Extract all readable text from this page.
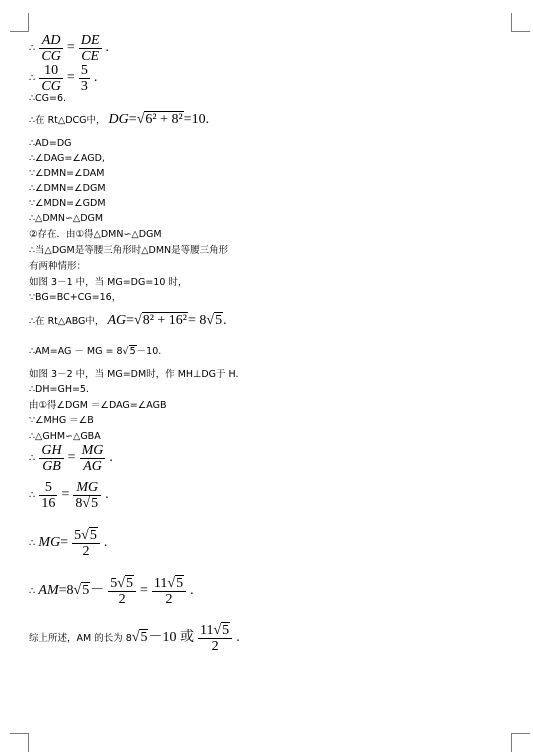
∴ $\frac{AD}{CG} = \frac{DE}{CE}$ .
∴ $\frac{10}{CG} = \frac{5}{3}$ .
∴CG=6.
∴在 Rt△DCG中， DG=√6² + 8²=10.
∴AD=DG
∴∠DAG=∠AGD,
∵∠DMN=∠DAM
∴∠DMN=∠DGM
∵∠MDN=∠GDM
∴△DMN∽△DGM
②存在．由①得△DMN∽△DGM
∴当△DGM是等腰三角形时△DMN是等腰三角形
有两种情形：
如图 3－1 中，当 MG=DG=10 时，
∵BG=BC+CG=16，
∴在 Rt△ABG中， AG=√8² + 16²= 8√5.
∴AM=AG － MG = 8√5－10.
如图 3－2 中，当 MG=DM时，作 MH⊥DG于 H.
∴DH=GH=5.
由①得∠DGM ＝∠DAG=∠AGB
∵∠MHG ＝∠B
∴△GHM∽△GBA
∴ $\frac{GH}{GB} = \frac{MG}{AG}$ .
∴ $\frac{5}{16} = \frac{MG}{8√5}$ .
∴ $MG= \frac{5√5}{2}$ .
∴ $AM=8√5- \frac{5√5}{2} = \frac{11√5}{2}$ .
综上所述，AM 的长为 8√5－10 或 $\frac{11√5}{2}$ .
